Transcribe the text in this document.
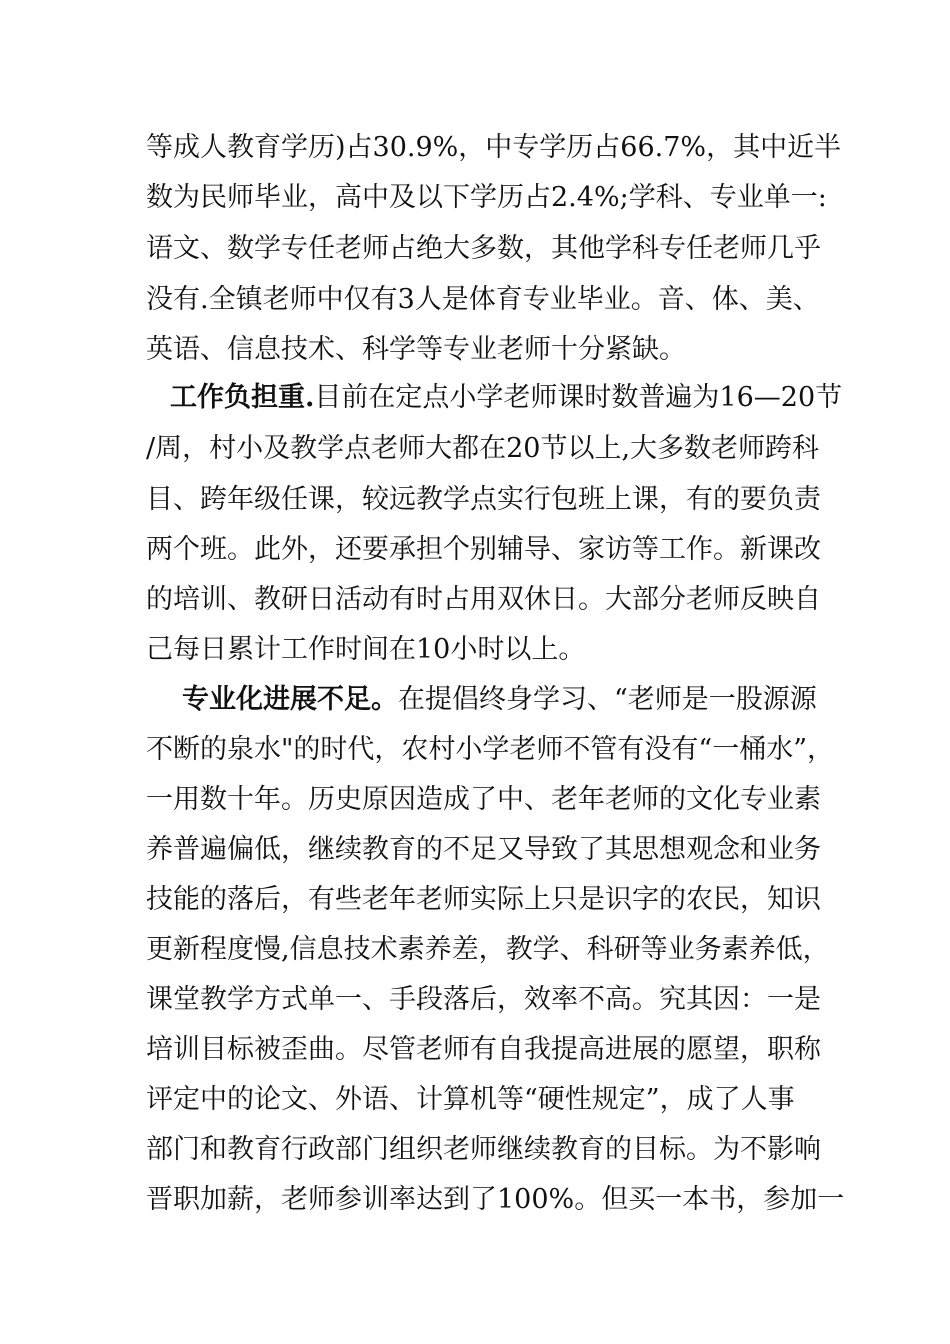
等成人教育学历)占30.9%，中专学历占66.7%，其中近半
数为民师毕业，高中及以下学历占2.4%;学科、专业单一:
语文、数学专任老师占绝大多数，其他学科专任老师几乎
没有.全镇老师中仅有3人是体育专业毕业。音、体、美、
英语、信息技术、科学等专业老师十分紧缺。
工作负担重.目前在定点小学老师课时数普遍为16—20节
/周，村小及教学点老师大都在20节以上,大多数老师跨科
目、跨年级任课，较远教学点实行包班上课，有的要负责
两个班。此外，还要承担个别辅导、家访等工作。新课改
的培训、教研日活动有时占用双休日。大部分老师反映自
己每日累计工作时间在10小时以上。
专业化进展不足。在提倡终身学习、“老师是一股源源
不断的泉水"的时代，农村小学老师不管有没有“一桶水”，
一用数十年。历史原因造成了中、老年老师的文化专业素
养普遍偏低，继续教育的不足又导致了其思想观念和业务
技能的落后，有些老年老师实际上只是识字的农民，知识
更新程度慢,信息技术素养差，教学、科研等业务素养低，
课堂教学方式单一、手段落后，效率不高。究其因：一是
培训目标被歪曲。尽管老师有自我提高进展的愿望，职称
评定中的论文、外语、计算机等“硬性规定”，成了人事
部门和教育行政部门组织老师继续教育的目标。为不影响
晋职加薪，老师参训率达到了100%。但买一本书，参加一
